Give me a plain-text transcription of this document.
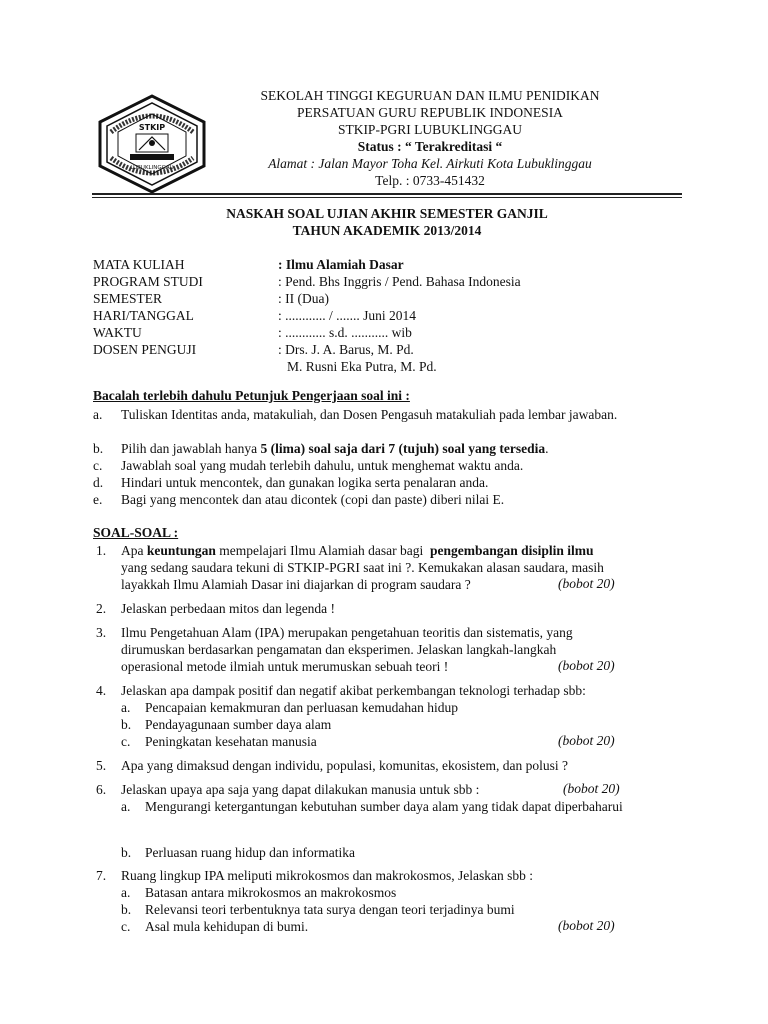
STKIP
LUBUKLINGGAU
SEKOLAH TINGGI KEGURUAN DAN ILMU PENIDIKAN
PERSATUAN GURU REPUBLIK INDONESIA
STKIP-PGRI LUBUKLINGGAU
Status : “ Terakreditasi “
Alamat : Jalan Mayor Toha Kel. Airkuti Kota Lubuklinggau
Telp. : 0733-451432
NASKAH SOAL UJIAN AKHIR SEMESTER GANJIL
TAHUN AKADEMIK 2013/2014
MATA KULIAH	: Ilmu Alamiah Dasar
PROGRAM STUDI	: Pend. Bhs Inggris / Pend. Bahasa Indonesia
SEMESTER	: II (Dua)
HARI/TANGGAL	: ............ / ....... Juni 2014
WAKTU	: ............ s.d. ........... wib
DOSEN PENGUJI	: Drs. J. A. Barus, M. Pd.
M. Rusni Eka Putra, M. Pd.
Bacalah terlebih dahulu Petunjuk Pengerjaan soal ini :
a.	Tuliskan Identitas anda, matakuliah, dan Dosen Pengasuh matakuliah pada lembar jawaban.
b.	Pilih dan jawablah hanya 5 (lima) soal saja dari 7 (tujuh) soal yang tersedia.
c.	Jawablah soal yang mudah terlebih dahulu, untuk menghemat waktu anda.
d.	Hindari untuk mencontek, dan gunakan logika serta penalaran anda.
e.	Bagi yang mencontek dan atau dicontek (copi dan paste) diberi nilai E.
SOAL-SOAL :
1.	Apa keuntungan mempelajari Ilmu Alamiah dasar bagi  pengembangan disiplin ilmu
yang sedang saudara tekuni di STKIP-PGRI saat ini ?. Kemukakan alasan saudara, masih
layakkah Ilmu Alamiah Dasar ini diajarkan di program saudara ?	(bobot 20)
2.	Jelaskan perbedaan mitos dan legenda !
3.	Ilmu Pengetahuan Alam (IPA) merupakan pengetahuan teoritis dan sistematis, yang
dirumuskan berdasarkan pengamatan dan eksperimen. Jelaskan langkah-langkah
operasional metode ilmiah untuk merumuskan sebuah teori !	(bobot 20)
4.	Jelaskan apa dampak positif dan negatif akibat perkembangan teknologi terhadap sbb:
a.	Pencapaian kemakmuran dan perluasan kemudahan hidup
b.	Pendayagunaan sumber daya alam
c.	Peningkatan kesehatan manusia	(bobot 20)
5.	Apa yang dimaksud dengan individu, populasi, komunitas, ekosistem, dan polusi ?
6.	Jelaskan upaya apa saja yang dapat dilakukan manusia untuk sbb :	(bobot 20)
a.	Mengurangi ketergantungan kebutuhan sumber daya alam yang tidak dapat diperbaharui
b.	Perluasan ruang hidup dan informatika
7.	Ruang lingkup IPA meliputi mikrokosmos dan makrokosmos, Jelaskan sbb :
a.	Batasan antara mikrokosmos an makrokosmos
b.	Relevansi teori terbentuknya tata surya dengan teori terjadinya bumi
c.	Asal mula kehidupan di bumi.	(bobot 20)
